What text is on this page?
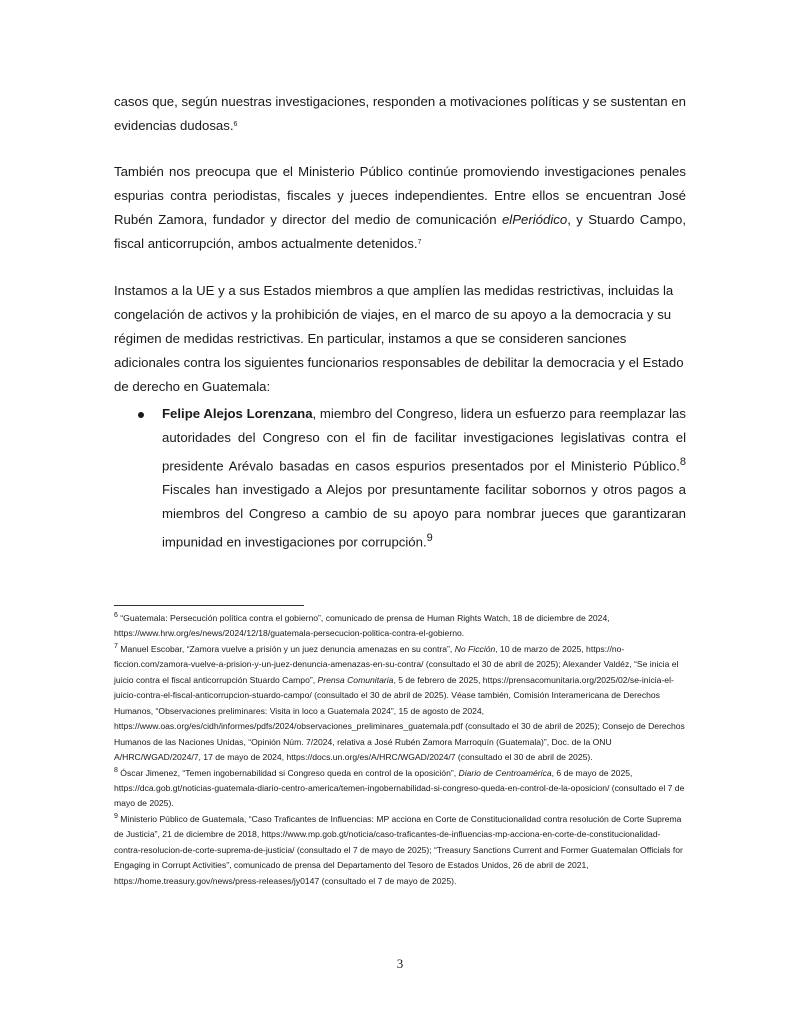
casos que, según nuestras investigaciones, responden a motivaciones políticas y se sustentan en evidencias dudosas.$^6$

También nos preocupa que el Ministerio Público continúe promoviendo investigaciones penales espurias contra periodistas, fiscales y jueces independientes. Entre ellos se encuentran José Rubén Zamora, fundador y director del medio de comunicación elPeriódico, y Stuardo Campo, fiscal anticorrupción, ambos actualmente detenidos.$^7$

Instamos a la UE y a sus Estados miembros a que amplíen las medidas restrictivas, incluidas la congelación de activos y la prohibición de viajes, en el marco de su apoyo a la democracia y su régimen de medidas restrictivas. En particular, instamos a que se consideren sanciones adicionales contra los siguientes funcionarios responsables de debilitar la democracia y el Estado de derecho en Guatemala:

Felipe Alejos Lorenzana, miembro del Congreso, lidera un esfuerzo para reemplazar las autoridades del Congreso con el fin de facilitar investigaciones legislativas contra el presidente Arévalo basadas en casos espurios presentados por el Ministerio Público.$^8$ Fiscales han investigado a Alejos por presuntamente facilitar sobornos y otros pagos a miembros del Congreso a cambio de su apoyo para nombrar jueces que garantizaran impunidad en investigaciones por corrupción.$^9$

$^6$ “Guatemala: Persecución política contra el gobierno”, comunicado de prensa de Human Rights Watch, 18 de diciembre de 2024, https://www.hrw.org/es/news/2024/12/18/guatemala-persecucion-politica-contra-el-gobierno.

$^7$ Manuel Escobar, “Zamora vuelve a prisión y un juez denuncia amenazas en su contra”, No Ficción, 10 de marzo de 2025, https://no-ficcion.com/zamora-vuelve-a-prision-y-un-juez-denuncia-amenazas-en-su-contra/ (consultado el 30 de abril de 2025); Alexander Valdéz, “Se inicia el juicio contra el fiscal anticorrupción Stuardo Campo”, Prensa Comunitaria, 5 de febrero de 2025, https://prensacomunitaria.org/2025/02/se-inicia-el-juicio-contra-el-fiscal-anticorrupcion-stuardo-campo/ (consultado el 30 de abril de 2025). Véase también, Comisión Interamericana de Derechos Humanos, “Observaciones preliminares: Visita in loco a Guatemala 2024”, 15 de agosto de 2024, https://www.oas.org/es/cidh/informes/pdfs/2024/observaciones_preliminares_guatemala.pdf (consultado el 30 de abril de 2025); Consejo de Derechos Humanos de las Naciones Unidas, “Opinión Núm. 7/2024, relativa a José Rubén Zamora Marroquín (Guatemala)”, Doc. de la ONU A/HRC/WGAD/2024/7, 17 de mayo de 2024, https://docs.un.org/es/A/HRC/WGAD/2024/7 (consultado el 30 de abril de 2025).

$^8$ Óscar Jimenez, “Temen ingobernabilidad si Congreso queda en control de la oposición”, Diario de Centroamérica, 6 de mayo de 2025, https://dca.gob.gt/noticias-guatemala-diario-centro-america/temen-ingobernabilidad-si-congreso-queda-en-control-de-la-oposicion/ (consultado el 7 de mayo de 2025).

$^9$ Ministerio Público de Guatemala, “Caso Traficantes de Influencias: MP acciona en Corte de Constitucionalidad contra resolución de Corte Suprema de Justicia”, 21 de diciembre de 2018, https://www.mp.gob.gt/noticia/caso-traficantes-de-influencias-mp-acciona-en-corte-de-constitucionalidad-contra-resolucion-de-corte-suprema-de-justicia/ (consultado el 7 de mayo de 2025); “Treasury Sanctions Current and Former Guatemalan Officials for Engaging in Corrupt Activities”, comunicado de prensa del Departamento del Tesoro de Estados Unidos, 26 de abril de 2021, https://home.treasury.gov/news/press-releases/jy0147 (consultado el 7 de mayo de 2025).

3
